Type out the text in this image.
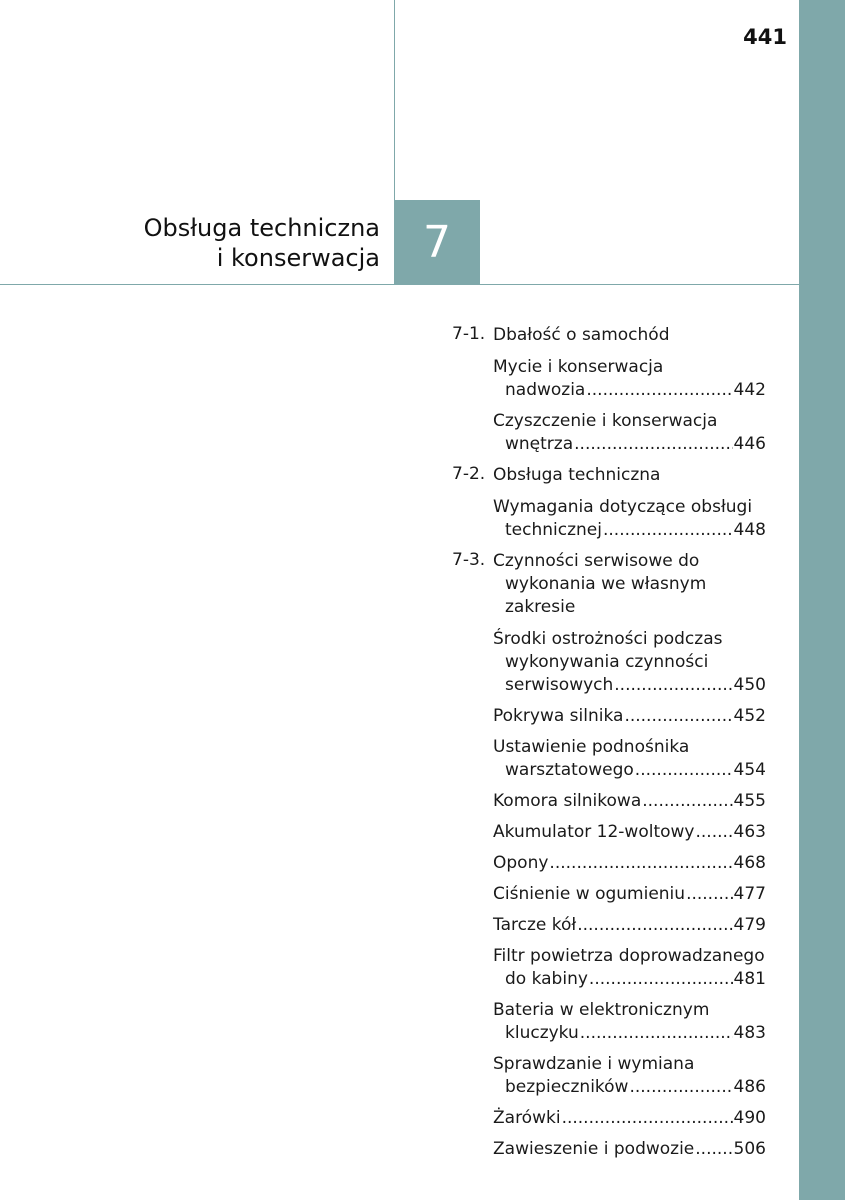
441
Obsługa techniczna
i konserwacja 7
7-1. Dbałość o samochód
Mycie i konserwacja
nadwozia .....	442
Czyszczenie i konserwacja
wnętrza .....	446
7-2. Obsługa techniczna
Wymagania dotyczące obsługi
technicznej .....	448
7-3. Czynności serwisowe do
wykonania we własnym zakresie
Środki ostrożności podczas
wykonywania czynności
serwisowych .....	450
Pokrywa silnika .....	452
Ustawienie podnośnika
warsztatowego .....	454
Komora silnikowa .....	455
Akumulator 12-woltowy ..... 463
Opony .....	468
Ciśnienie w ogumieniu .....	477
Tarcze kół .....	479
Filtr powietrza doprowadzanego
do kabiny .....	481
Bateria w elektronicznym
kluczyku .....	483
Sprawdzanie i wymiana
bezpieczników .....	486
Żarówki .....	490
Zawieszenie i podwozie ..... 506
